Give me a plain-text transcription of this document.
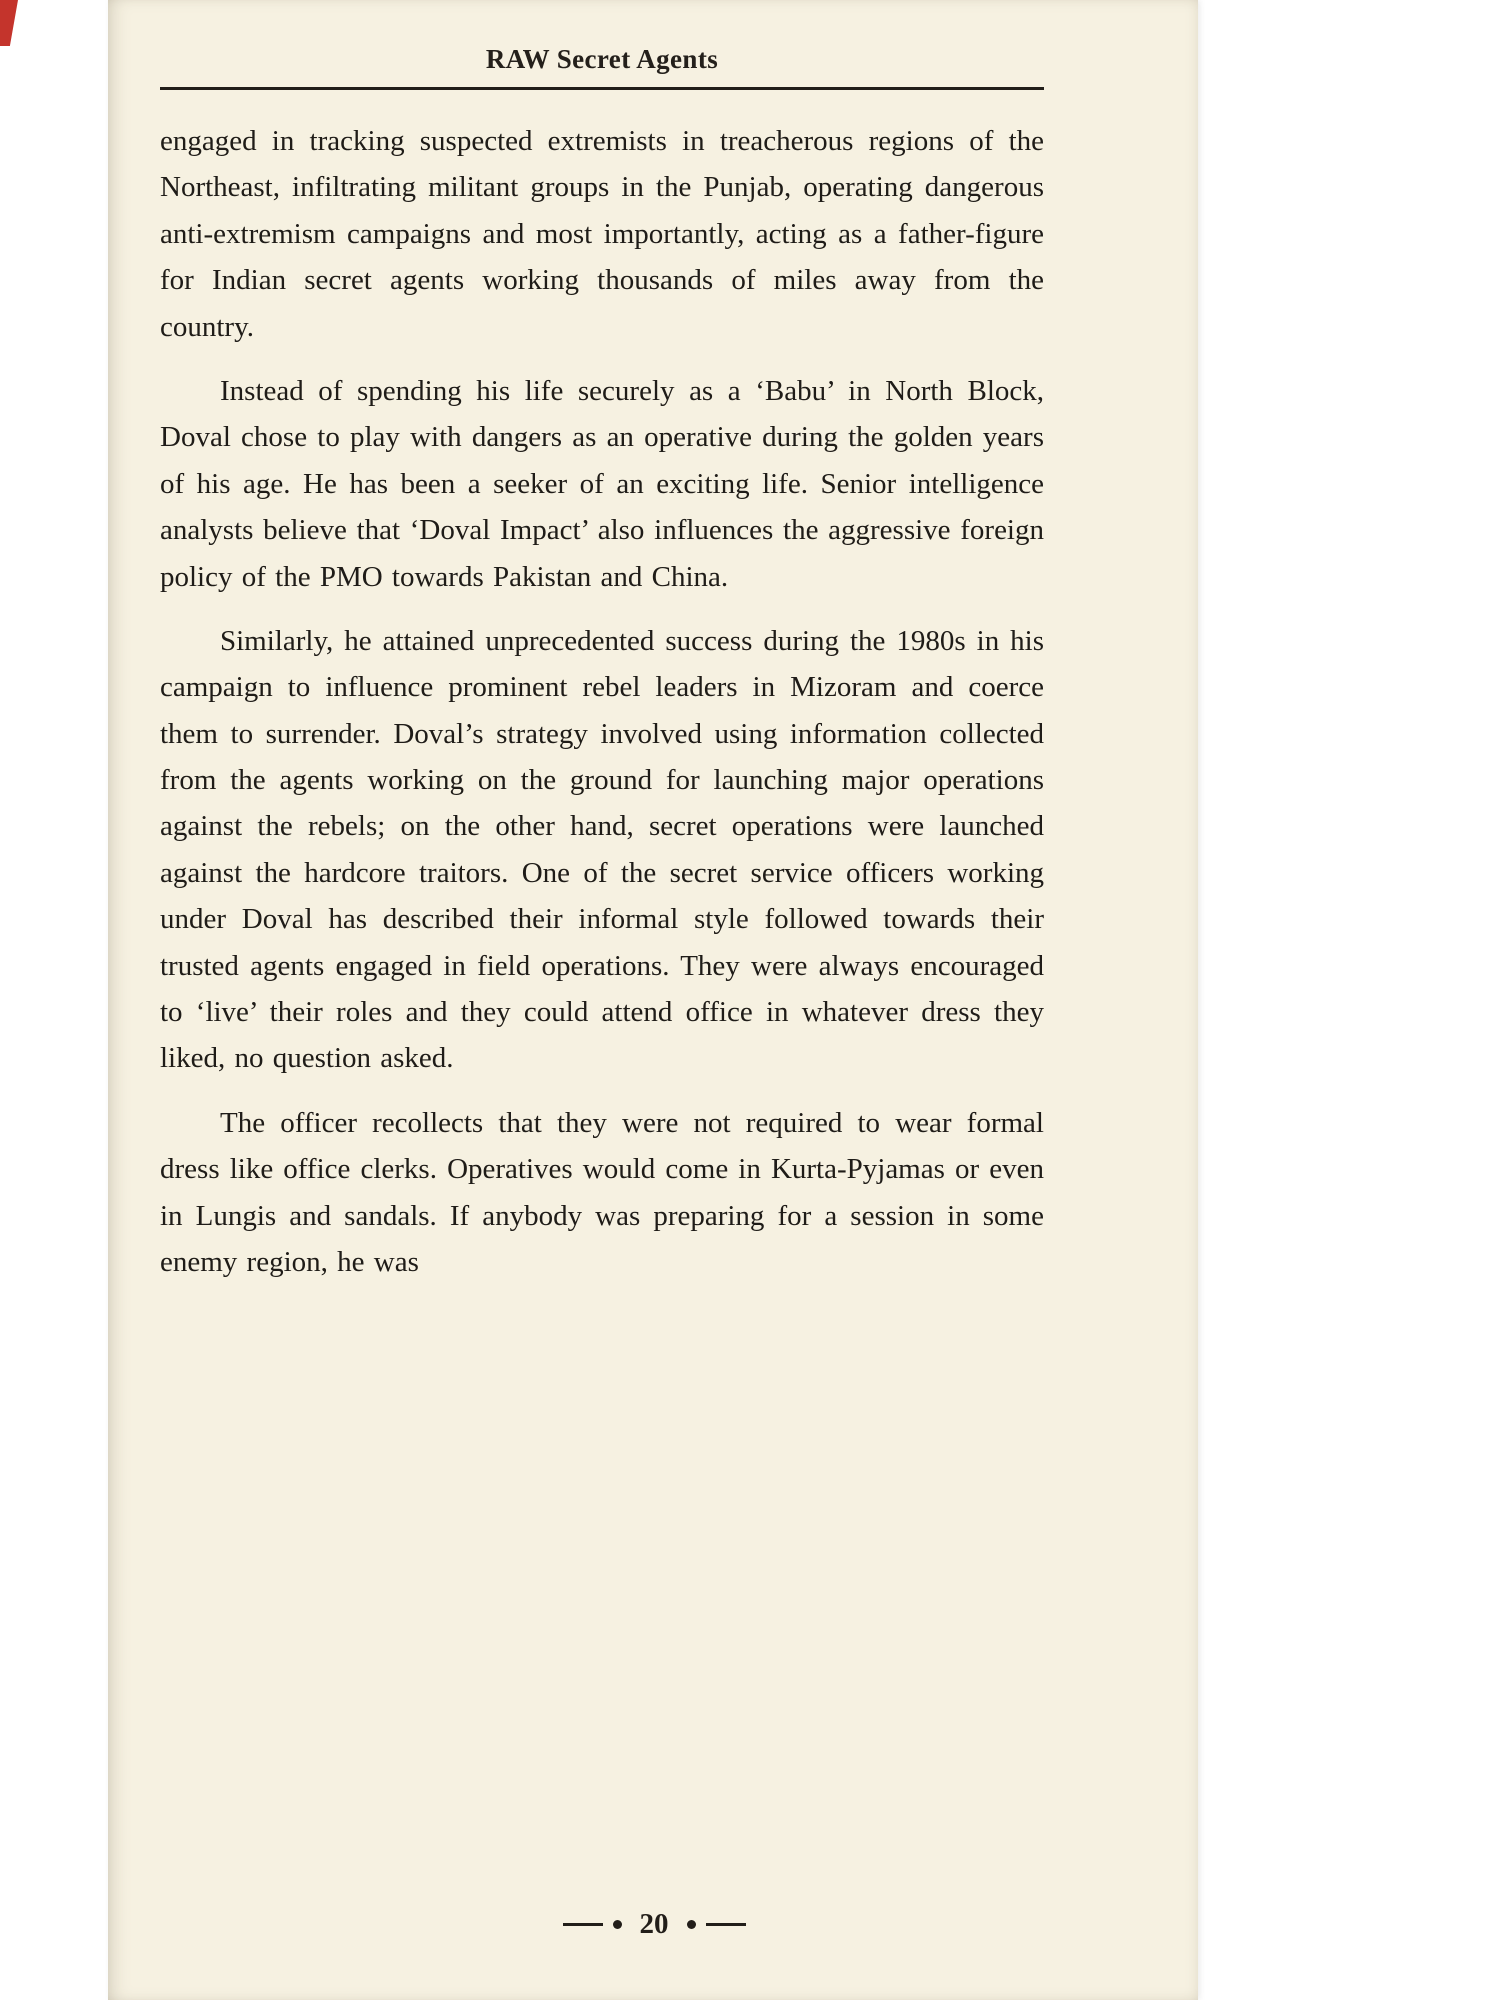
RAW Secret Agents

engaged in tracking suspected extremists in treacherous regions of the Northeast, infiltrating militant groups in the Punjab, operating dangerous anti-extremism campaigns and most importantly, acting as a father-figure for Indian secret agents working thousands of miles away from the country.

Instead of spending his life securely as a ‘Babu’ in North Block, Doval chose to play with dangers as an operative during the golden years of his age. He has been a seeker of an exciting life. Senior intelligence analysts believe that ‘Doval Impact’ also influences the aggressive foreign policy of the PMO towards Pakistan and China.

Similarly, he attained unprecedented success during the 1980s in his campaign to influence prominent rebel leaders in Mizoram and coerce them to surrender. Doval’s strategy involved using information collected from the agents working on the ground for launching major operations against the rebels; on the other hand, secret operations were launched against the hardcore traitors. One of the secret service officers working under Doval has described their informal style followed towards their trusted agents engaged in field operations. They were always encouraged to ‘live’ their roles and they could attend office in whatever dress they liked, no question asked.

The officer recollects that they were not required to wear formal dress like office clerks. Operatives would come in Kurta-Pyjamas or even in Lungis and sandals. If anybody was preparing for a session in some enemy region, he was

20
